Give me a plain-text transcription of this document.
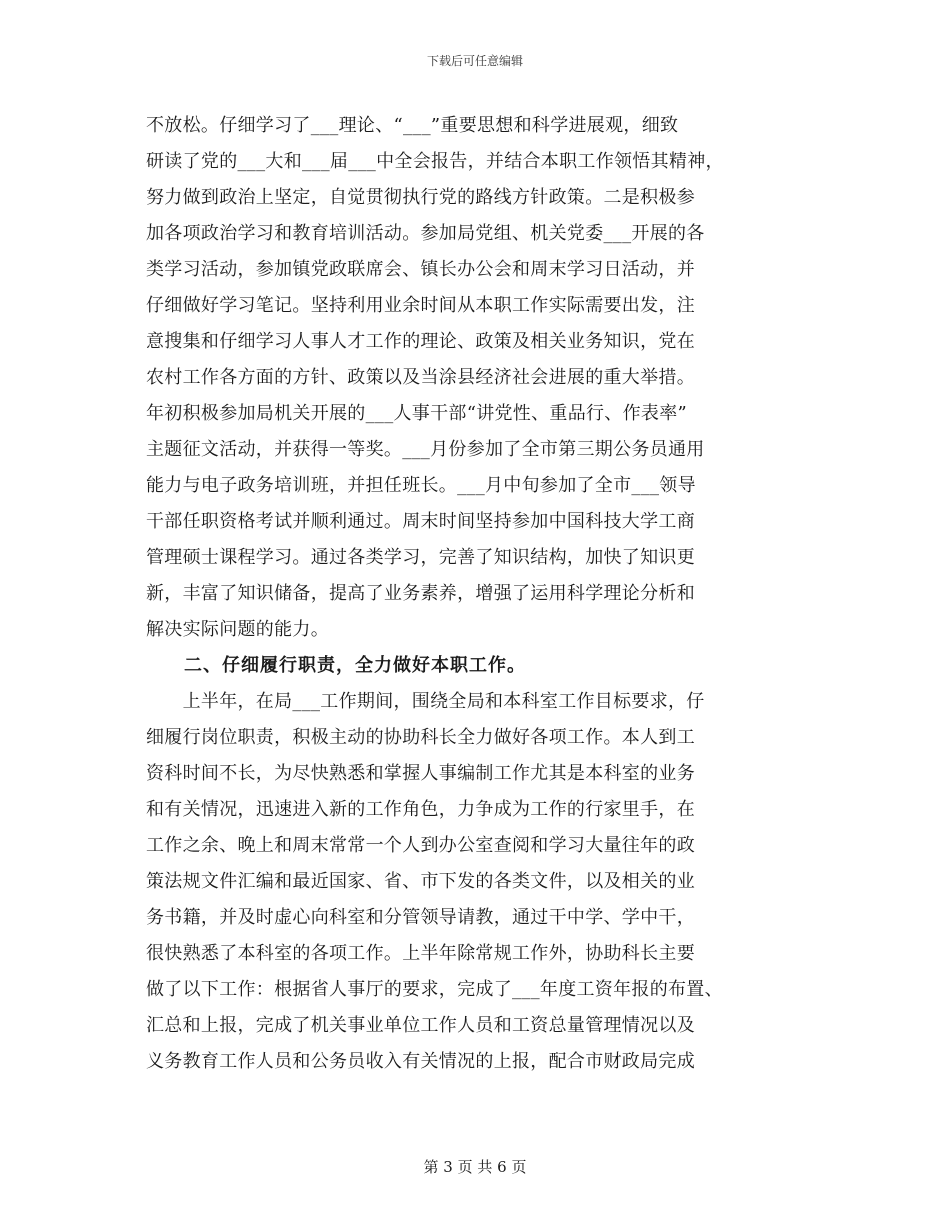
下载后可任意编辑
不放松。仔细学习了___理论、“___”重要思想和科学进展观，细致
研读了党的___大和___届___中全会报告，并结合本职工作领悟其精神，
努力做到政治上坚定，自觉贯彻执行党的路线方针政策。二是积极参
加各项政治学习和教育培训活动。参加局党组、机关党委___开展的各
类学习活动，参加镇党政联席会、镇长办公会和周末学习日活动，并
仔细做好学习笔记。坚持利用业余时间从本职工作实际需要出发，注
意搜集和仔细学习人事人才工作的理论、政策及相关业务知识，党在
农村工作各方面的方针、政策以及当涂县经济社会进展的重大举措。
年初积极参加局机关开展的___人事干部“讲党性、重品行、作表率”
主题征文活动，并获得一等奖。___月份参加了全市第三期公务员通用
能力与电子政务培训班，并担任班长。___月中旬参加了全市___领导
干部任职资格考试并顺利通过。周末时间坚持参加中国科技大学工商
管理硕士课程学习。通过各类学习，完善了知识结构，加快了知识更
新，丰富了知识储备，提高了业务素养，增强了运用科学理论分析和
解决实际问题的能力。
　　二、仔细履行职责，全力做好本职工作。
　　上半年，在局___工作期间，围绕全局和本科室工作目标要求，仔
细履行岗位职责，积极主动的协助科长全力做好各项工作。本人到工
资科时间不长，为尽快熟悉和掌握人事编制工作尤其是本科室的业务
和有关情况，迅速进入新的工作角色，力争成为工作的行家里手，在
工作之余、晚上和周末常常一个人到办公室查阅和学习大量往年的政
策法规文件汇编和最近国家、省、市下发的各类文件，以及相关的业
务书籍，并及时虚心向科室和分管领导请教，通过干中学、学中干，
很快熟悉了本科室的各项工作。上半年除常规工作外，协助科长主要
做了以下工作：根据省人事厅的要求，完成了___年度工资年报的布置、
汇总和上报，完成了机关事业单位工作人员和工资总量管理情况以及
义务教育工作人员和公务员收入有关情况的上报，配合市财政局完成
第 3 页 共 6 页
